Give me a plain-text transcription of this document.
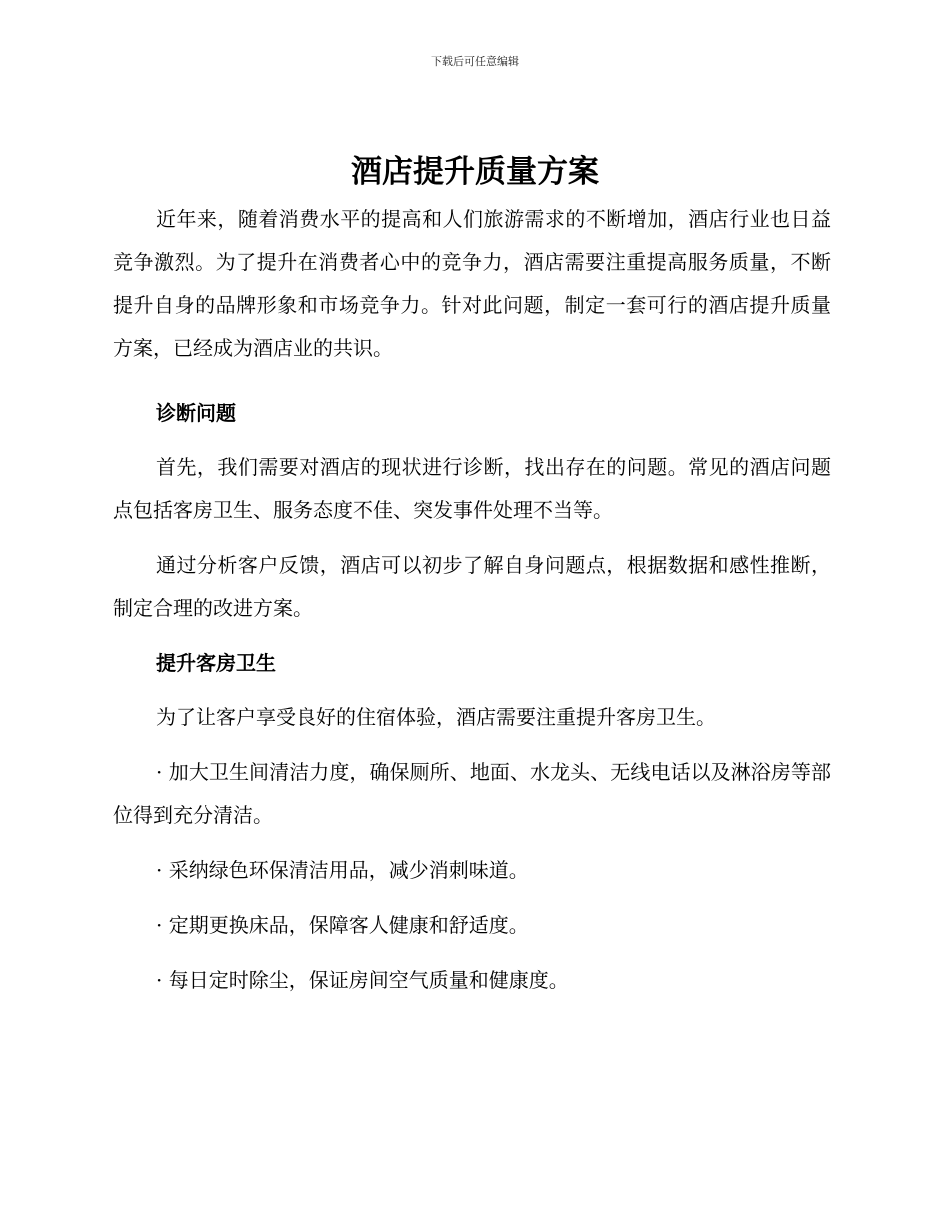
下载后可任意编辑
酒店提升质量方案

近年来，随着消费水平的提高和人们旅游需求的不断增加，酒店行业也日益竞争激烈。为了提升在消费者心中的竞争力，酒店需要注重提高服务质量，不断提升自身的品牌形象和市场竞争力。针对此问题，制定一套可行的酒店提升质量方案，已经成为酒店业的共识。

诊断问题

首先，我们需要对酒店的现状进行诊断，找出存在的问题。常见的酒店问题点包括客房卫生、服务态度不佳、突发事件处理不当等。

通过分析客户反馈，酒店可以初步了解自身问题点，根据数据和感性推断，制定合理的改进方案。

提升客房卫生

为了让客户享受良好的住宿体验，酒店需要注重提升客房卫生。

· 加大卫生间清洁力度，确保厕所、地面、水龙头、无线电话以及淋浴房等部位得到充分清洁。

· 采纳绿色环保清洁用品，减少消刺味道。

· 定期更换床品，保障客人健康和舒适度。

· 每日定时除尘，保证房间空气质量和健康度。
